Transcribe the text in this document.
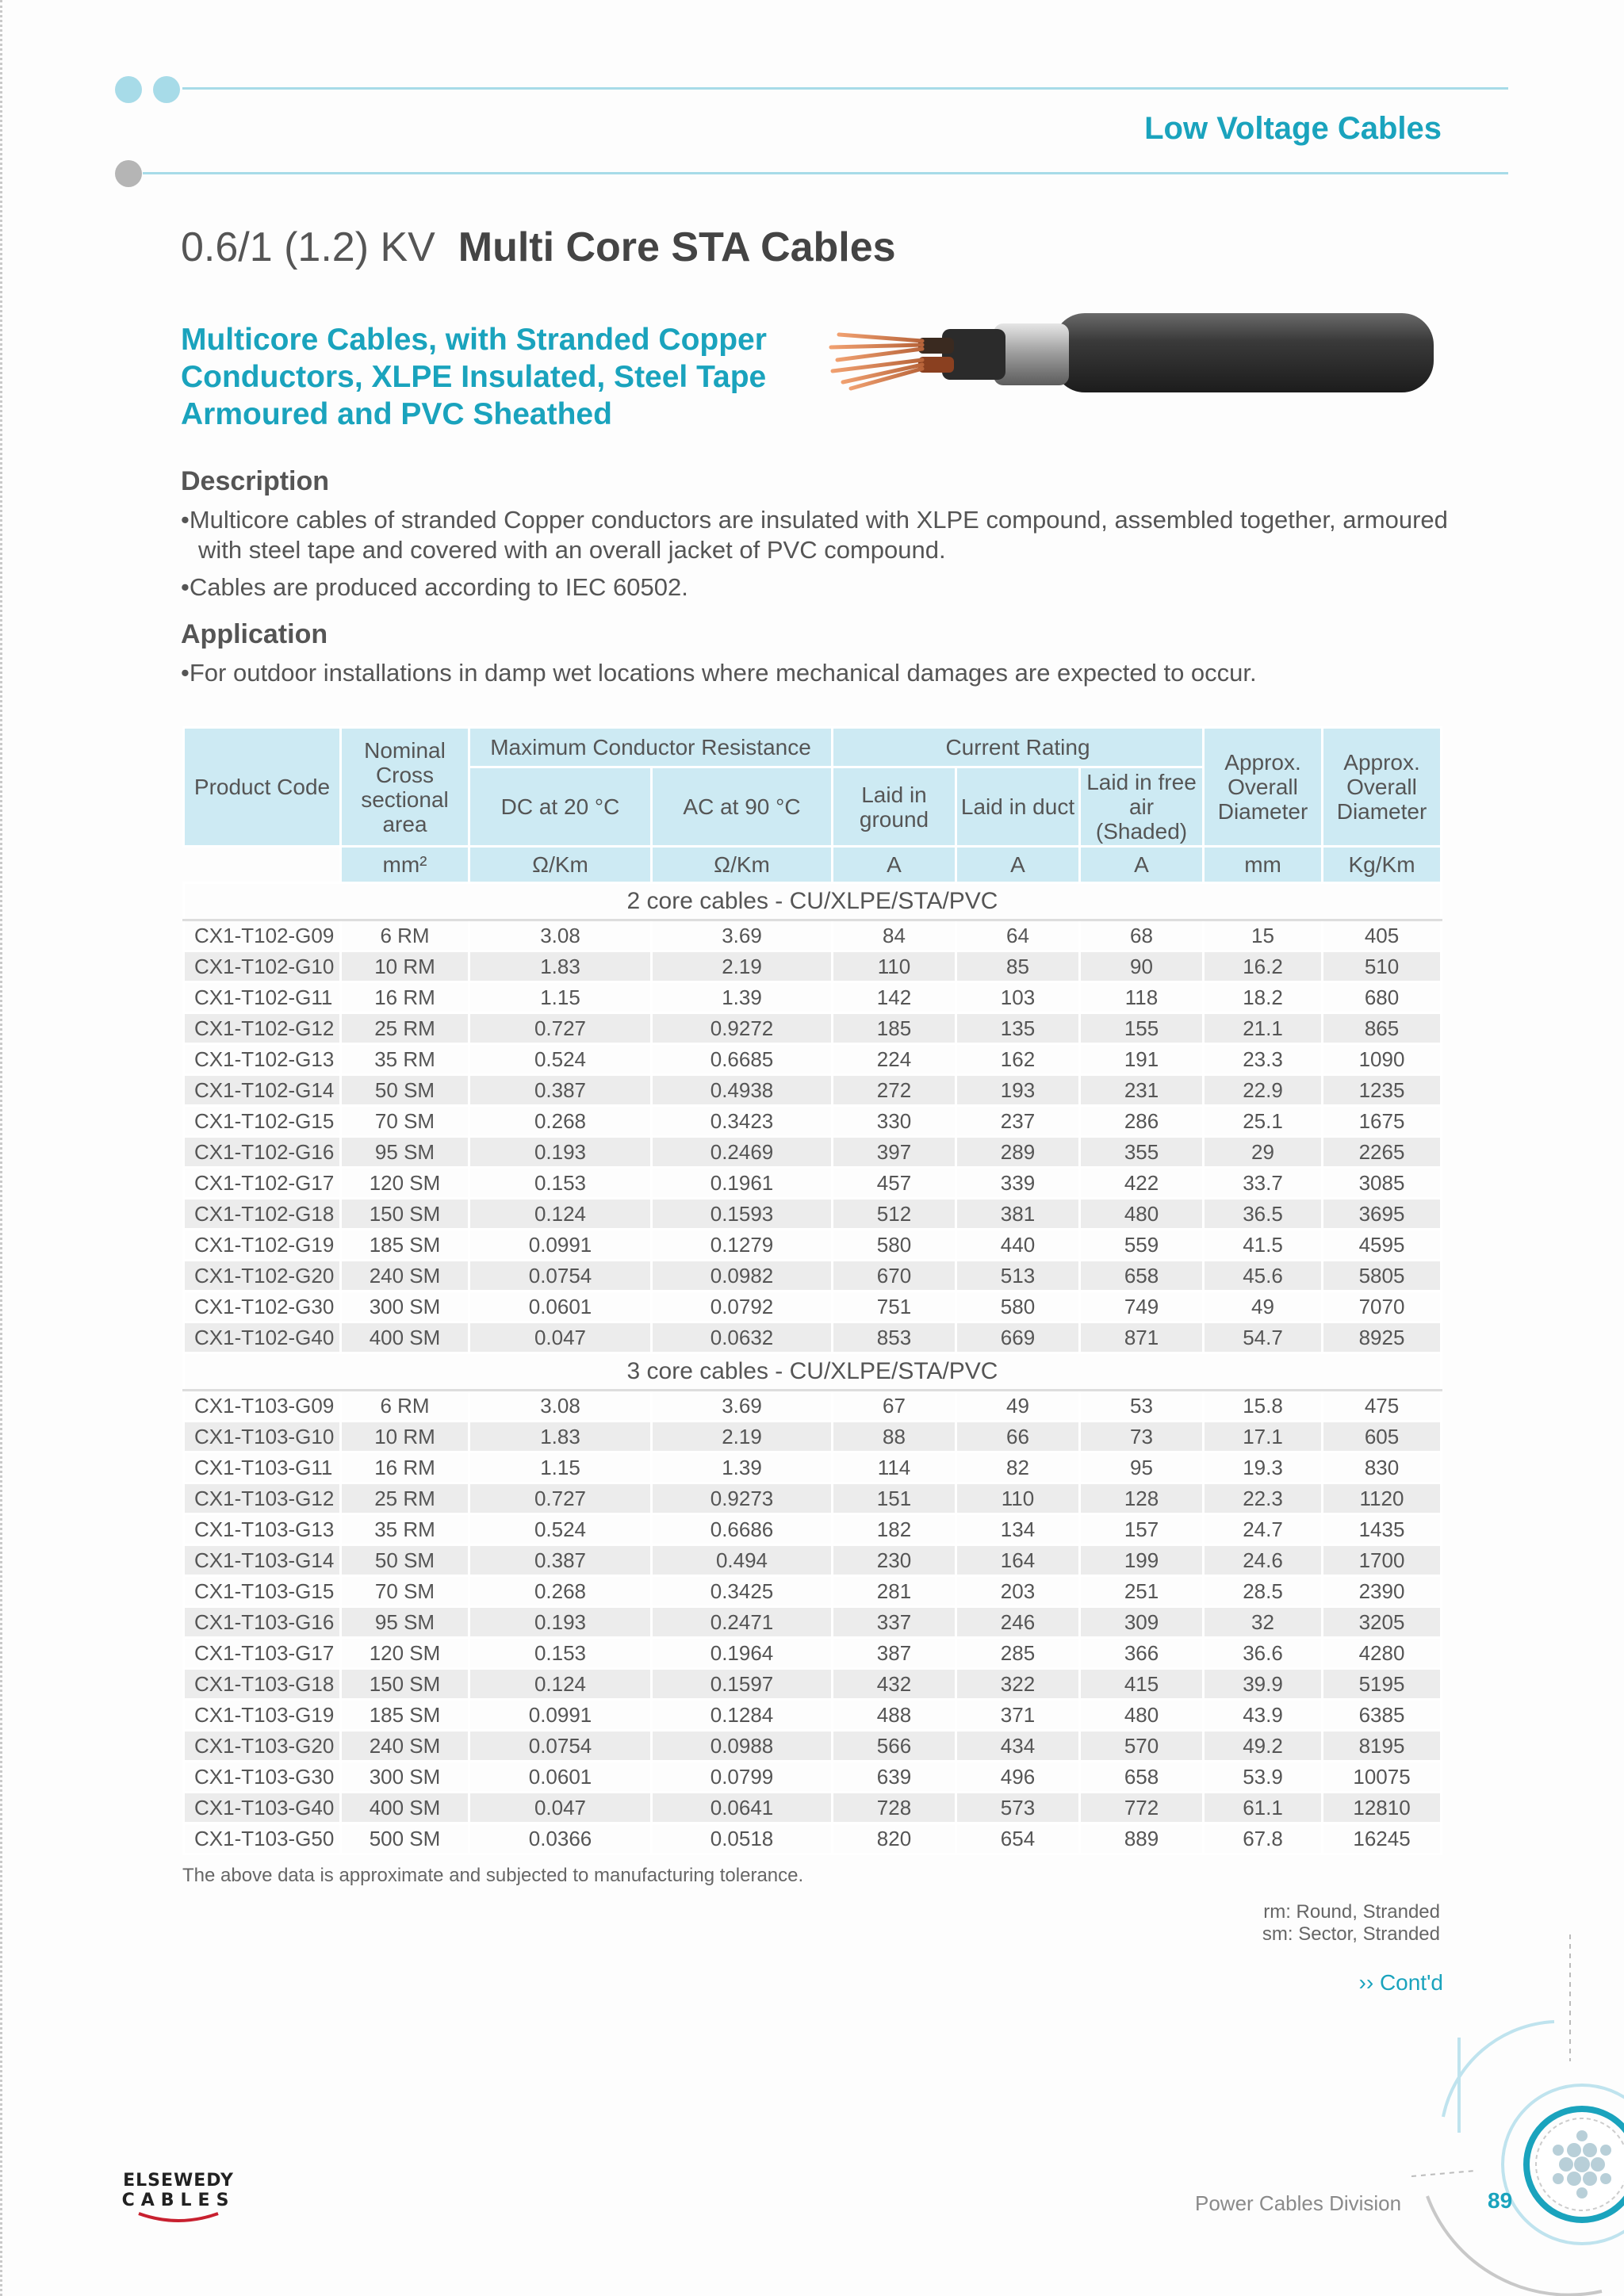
Low Voltage Cables
0.6/1 (1.2) KV Multi Core STA Cables
Multicore Cables, with Stranded Copper Conductors, XLPE Insulated, Steel Tape Armoured and PVC Sheathed
Description
•Multicore cables of stranded Copper conductors are insulated with XLPE compound, assembled together, armoured with steel tape and covered with an overall jacket of PVC compound.
•Cables are produced according to IEC 60502.
Application
•For outdoor installations in damp wet locations where mechanical damages are expected to occur.
Product Code	Nominal Cross sectional area	Maximum Conductor Resistance		Current Rating			Approx. Overall Diameter	Approx. Overall Diameter
		DC at 20 °C	AC at 90 °C	Laid in ground	Laid in duct	Laid in free air (Shaded)		
	mm²	Ω/Km	Ω/Km	A	A	A	mm	Kg/Km
2 core cables - CU/XLPE/STA/PVC								
CX1-T102-G09	6 RM	3.08	3.69	84	64	68	15	405
CX1-T102-G10	10 RM	1.83	2.19	110	85	90	16.2	510
CX1-T102-G11	16 RM	1.15	1.39	142	103	118	18.2	680
CX1-T102-G12	25 RM	0.727	0.9272	185	135	155	21.1	865
CX1-T102-G13	35 RM	0.524	0.6685	224	162	191	23.3	1090
CX1-T102-G14	50 SM	0.387	0.4938	272	193	231	22.9	1235
CX1-T102-G15	70 SM	0.268	0.3423	330	237	286	25.1	1675
CX1-T102-G16	95 SM	0.193	0.2469	397	289	355	29	2265
CX1-T102-G17	120 SM	0.153	0.1961	457	339	422	33.7	3085
CX1-T102-G18	150 SM	0.124	0.1593	512	381	480	36.5	3695
CX1-T102-G19	185 SM	0.0991	0.1279	580	440	559	41.5	4595
CX1-T102-G20	240 SM	0.0754	0.0982	670	513	658	45.6	5805
CX1-T102-G30	300 SM	0.0601	0.0792	751	580	749	49	7070
CX1-T102-G40	400 SM	0.047	0.0632	853	669	871	54.7	8925
3 core cables - CU/XLPE/STA/PVC								
CX1-T103-G09	6 RM	3.08	3.69	67	49	53	15.8	475
CX1-T103-G10	10 RM	1.83	2.19	88	66	73	17.1	605
CX1-T103-G11	16 RM	1.15	1.39	114	82	95	19.3	830
CX1-T103-G12	25 RM	0.727	0.9273	151	110	128	22.3	1120
CX1-T103-G13	35 RM	0.524	0.6686	182	134	157	24.7	1435
CX1-T103-G14	50 SM	0.387	0.494	230	164	199	24.6	1700
CX1-T103-G15	70 SM	0.268	0.3425	281	203	251	28.5	2390
CX1-T103-G16	95 SM	0.193	0.2471	337	246	309	32	3205
CX1-T103-G17	120 SM	0.153	0.1964	387	285	366	36.6	4280
CX1-T103-G18	150 SM	0.124	0.1597	432	322	415	39.9	5195
CX1-T103-G19	185 SM	0.0991	0.1284	488	371	480	43.9	6385
CX1-T103-G20	240 SM	0.0754	0.0988	566	434	570	49.2	8195
CX1-T103-G30	300 SM	0.0601	0.0799	639	496	658	53.9	10075
CX1-T103-G40	400 SM	0.047	0.0641	728	573	772	61.1	12810
CX1-T103-G50	500 SM	0.0366	0.0518	820	654	889	67.8	16245
The above data is approximate and subjected to manufacturing tolerance.
rm: Round, Stranded
sm: Sector, Stranded
›› Cont'd
Power Cables Division	89
ELSEWEDY
CABLES
